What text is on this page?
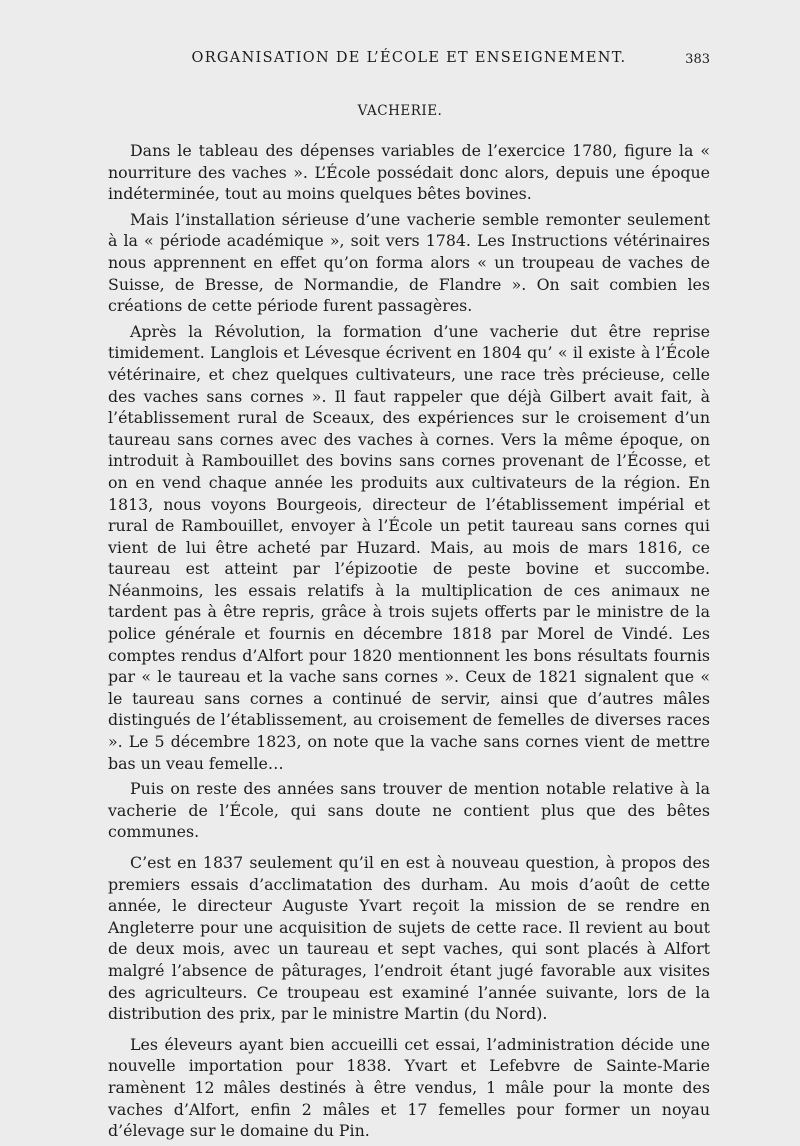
ORGANISATION DE L’ÉCOLE ET ENSEIGNEMENT.	383
VACHERIE.

Dans le tableau des dépenses variables de l’exercice 1780, figure la « nourriture des vaches ». L’École possédait donc alors, depuis une époque indéterminée, tout au moins quelques bêtes bovines.

Mais l’installation sérieuse d’une vacherie semble remonter seulement à la « période académique », soit vers 1784. Les Instructions vétérinaires nous apprennent en effet qu’on forma alors « un troupeau de vaches de Suisse, de Bresse, de Normandie, de Flandre ». On sait combien les créations de cette période furent passagères.

Après la Révolution, la formation d’une vacherie dut être reprise timidement. Langlois et Lévesque écrivent en 1804 qu’ « il existe à l’École vétérinaire, et chez quelques cultivateurs, une race très précieuse, celle des vaches sans cornes ». Il faut rappeler que déjà Gilbert avait fait, à l’établissement rural de Sceaux, des expériences sur le croisement d’un taureau sans cornes avec des vaches à cornes. Vers la même époque, on introduit à Rambouillet des bovins sans cornes provenant de l’Écosse, et on en vend chaque année les produits aux cultivateurs de la région. En 1813, nous voyons Bourgeois, directeur de l’établissement impérial et rural de Rambouillet, envoyer à l’École un petit taureau sans cornes qui vient de lui être acheté par Huzard. Mais, au mois de mars 1816, ce taureau est atteint par l’épizootie de peste bovine et succombe. Néanmoins, les essais relatifs à la multiplication de ces animaux ne tardent pas à être repris, grâce à trois sujets offerts par le ministre de la police générale et fournis en décembre 1818 par Morel de Vindé. Les comptes rendus d’Alfort pour 1820 mentionnent les bons résultats fournis par « le taureau et la vache sans cornes ». Ceux de 1821 signalent que « le taureau sans cornes a continué de servir, ainsi que d’autres mâles distingués de l’établissement, au croisement de femelles de diverses races ». Le 5 décembre 1823, on note que la vache sans cornes vient de mettre bas un veau femelle…

Puis on reste des années sans trouver de mention notable relative à la vacherie de l’École, qui sans doute ne contient plus que des bêtes communes.

C’est en 1837 seulement qu’il en est à nouveau question, à propos des premiers essais d’acclimatation des durham. Au mois d’août de cette année, le directeur Auguste Yvart reçoit la mission de se rendre en Angleterre pour une acquisition de sujets de cette race. Il revient au bout de deux mois, avec un taureau et sept vaches, qui sont placés à Alfort malgré l’absence de pâturages, l’endroit étant jugé favorable aux visites des agriculteurs. Ce troupeau est examiné l’année suivante, lors de la distribution des prix, par le ministre Martin (du Nord).

Les éleveurs ayant bien accueilli cet essai, l’administration décide une nouvelle importation pour 1838. Yvart et Lefebvre de Sainte-Marie ramènent 12 mâles destinés à être vendus, 1 mâle pour la monte des vaches d’Alfort, enfin 2 mâles et 17 femelles pour former un noyau d’élevage sur le domaine du Pin.
